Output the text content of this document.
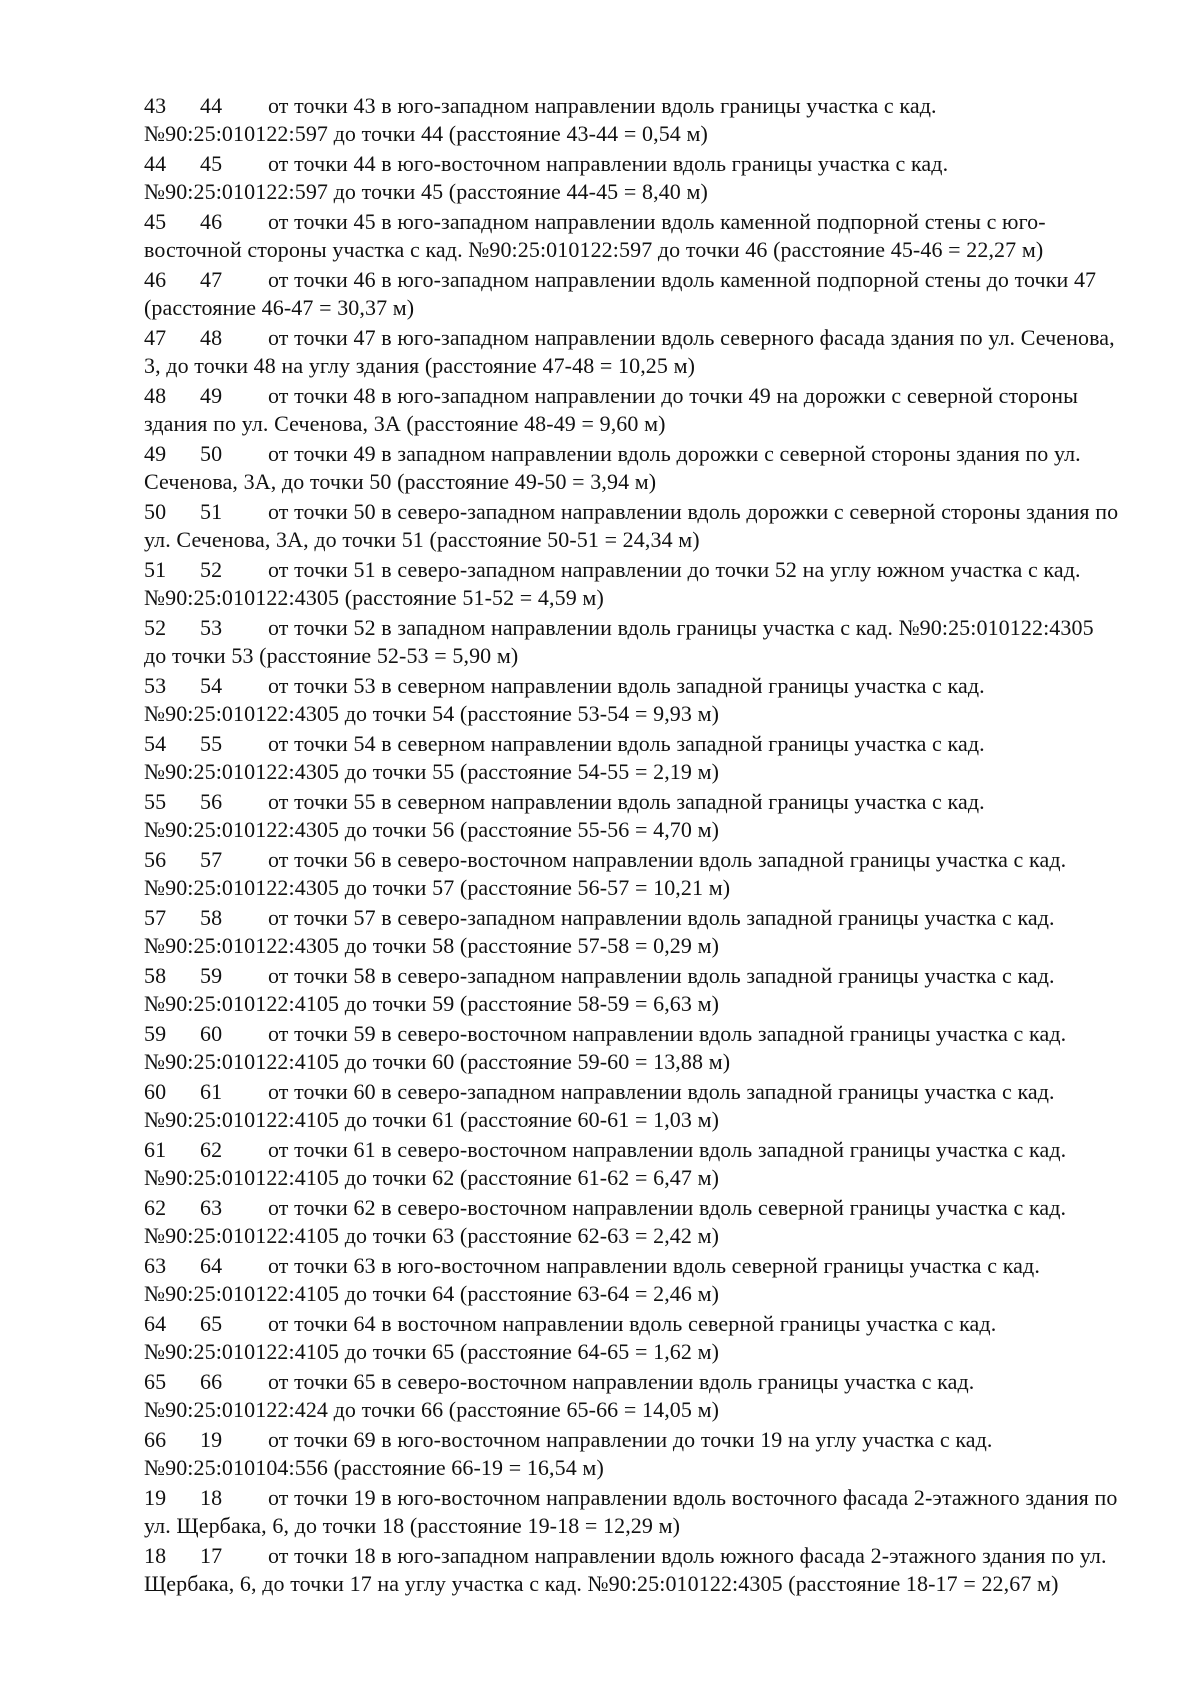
43 44 от точки 43 в юго-западном направлении вдоль границы участка с кад. №90:25:010122:597 до точки 44 (расстояние 43-44 = 0,54 м)
44 45 от точки 44 в юго-восточном направлении вдоль границы участка с кад. №90:25:010122:597 до точки 45 (расстояние 44-45 = 8,40 м)
45 46 от точки 45 в юго-западном направлении вдоль каменной подпорной стены с юго-восточной стороны участка с кад. №90:25:010122:597 до точки 46 (расстояние 45-46 = 22,27 м)
46 47 от точки 46 в юго-западном направлении вдоль каменной подпорной стены до точки 47 (расстояние 46-47 = 30,37 м)
47 48 от точки 47 в юго-западном направлении вдоль северного фасада здания по ул. Сеченова, 3, до точки 48 на углу здания (расстояние 47-48 = 10,25 м)
48 49 от точки 48 в юго-западном направлении до точки 49 на дорожки с северной стороны здания по ул. Сеченова, 3А (расстояние 48-49 = 9,60 м)
49 50 от точки 49 в западном направлении вдоль дорожки с северной стороны здания по ул. Сеченова, 3А, до точки 50 (расстояние 49-50 = 3,94 м)
50 51 от точки 50 в северо-западном направлении вдоль дорожки с северной стороны здания по ул. Сеченова, 3А, до точки 51 (расстояние 50-51 = 24,34 м)
51 52 от точки 51 в северо-западном направлении до точки 52 на углу южном участка с кад. №90:25:010122:4305 (расстояние 51-52 = 4,59 м)
52 53 от точки 52 в западном направлении вдоль границы участка с кад. №90:25:010122:4305 до точки 53 (расстояние 52-53 = 5,90 м)
53 54 от точки 53 в северном направлении вдоль западной границы участка с кад. №90:25:010122:4305 до точки 54 (расстояние 53-54 = 9,93 м)
54 55 от точки 54 в северном направлении вдоль западной границы участка с кад. №90:25:010122:4305 до точки 55 (расстояние 54-55 = 2,19 м)
55 56 от точки 55 в северном направлении вдоль западной границы участка с кад. №90:25:010122:4305 до точки 56 (расстояние 55-56 = 4,70 м)
56 57 от точки 56 в северо-восточном направлении вдоль западной границы участка с кад. №90:25:010122:4305 до точки 57 (расстояние 56-57 = 10,21 м)
57 58 от точки 57 в северо-западном направлении вдоль западной границы участка с кад. №90:25:010122:4305 до точки 58 (расстояние 57-58 = 0,29 м)
58 59 от точки 58 в северо-западном направлении вдоль западной границы участка с кад. №90:25:010122:4105 до точки 59 (расстояние 58-59 = 6,63 м)
59 60 от точки 59 в северо-восточном направлении вдоль западной границы участка с кад. №90:25:010122:4105 до точки 60 (расстояние 59-60 = 13,88 м)
60 61 от точки 60 в северо-западном направлении вдоль западной границы участка с кад. №90:25:010122:4105 до точки 61 (расстояние 60-61 = 1,03 м)
61 62 от точки 61 в северо-восточном направлении вдоль западной границы участка с кад. №90:25:010122:4105 до точки 62 (расстояние 61-62 = 6,47 м)
62 63 от точки 62 в северо-восточном направлении вдоль северной границы участка с кад. №90:25:010122:4105 до точки 63 (расстояние 62-63 = 2,42 м)
63 64 от точки 63 в юго-восточном направлении вдоль северной границы участка с кад. №90:25:010122:4105 до точки 64 (расстояние 63-64 = 2,46 м)
64 65 от точки 64 в восточном направлении вдоль северной границы участка с кад. №90:25:010122:4105 до точки 65 (расстояние 64-65 = 1,62 м)
65 66 от точки 65 в северо-восточном направлении вдоль границы участка с кад. №90:25:010122:424 до точки 66 (расстояние 65-66 = 14,05 м)
66 19 от точки 69 в юго-восточном направлении до точки 19 на углу участка с кад. №90:25:010104:556 (расстояние 66-19 = 16,54 м)
19 18 от точки 19 в юго-восточном направлении вдоль восточного фасада 2-этажного здания по ул. Щербака, 6, до точки 18 (расстояние 19-18 = 12,29 м)
18 17 от точки 18 в юго-западном направлении вдоль южного фасада 2-этажного здания по ул. Щербака, 6, до точки 17 на углу участка с кад. №90:25:010122:4305 (расстояние 18-17 = 22,67 м)
